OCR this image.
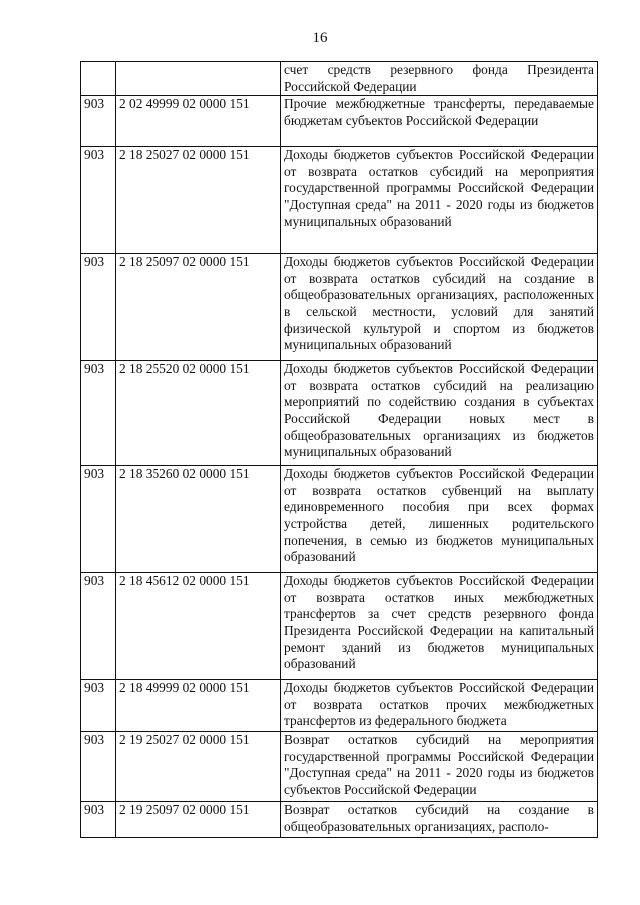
16
		счет средств резервного фонда Президента Российской Федерации
903	2 02 49999 02 0000 151	Прочие межбюджетные трансферты, передаваемые бюджетам субъектов Российской Федерации
903	2 18 25027 02 0000 151	Доходы бюджетов субъектов Российской Федерации от возврата остатков субсидий на мероприятия государственной программы Российской Федерации "Доступная среда" на 2011 - 2020 годы из бюджетов муниципальных образований
903	2 18 25097 02 0000 151	Доходы бюджетов субъектов Российской Федерации от возврата остатков субсидий на создание в общеобразовательных организациях, расположенных в сельской местности, условий для занятий физической культурой и спортом из бюджетов муниципальных образований
903	2 18 25520 02 0000 151	Доходы бюджетов субъектов Российской Федерации от возврата остатков субсидий на реализацию мероприятий по содействию создания в субъектах Российской Федерации новых мест в общеобразовательных организациях из бюджетов муниципальных образований
903	2 18 35260 02 0000 151	Доходы бюджетов субъектов Российской Федерации от возврата остатков субвенций на выплату единовременного пособия при всех формах устройства детей, лишенных родительского попечения, в семью из бюджетов муниципальных образований
903	2 18 45612 02 0000 151	Доходы бюджетов субъектов Российской Федерации от возврата остатков иных межбюджетных трансфертов за счет средств резервного фонда Президента Российской Федерации на капитальный ремонт зданий из бюджетов муниципальных образований
903	2 18 49999 02 0000 151	Доходы бюджетов субъектов Российской Федерации от возврата остатков прочих межбюджетных трансфертов из федерального бюджета
903	2 19 25027 02 0000 151	Возврат остатков субсидий на мероприятия государственной программы Российской Федерации "Доступная среда" на 2011 - 2020 годы из бюджетов субъектов Российской Федерации
903	2 19 25097 02 0000 151	Возврат остатков субсидий на создание в общеобразовательных организациях, располо-
